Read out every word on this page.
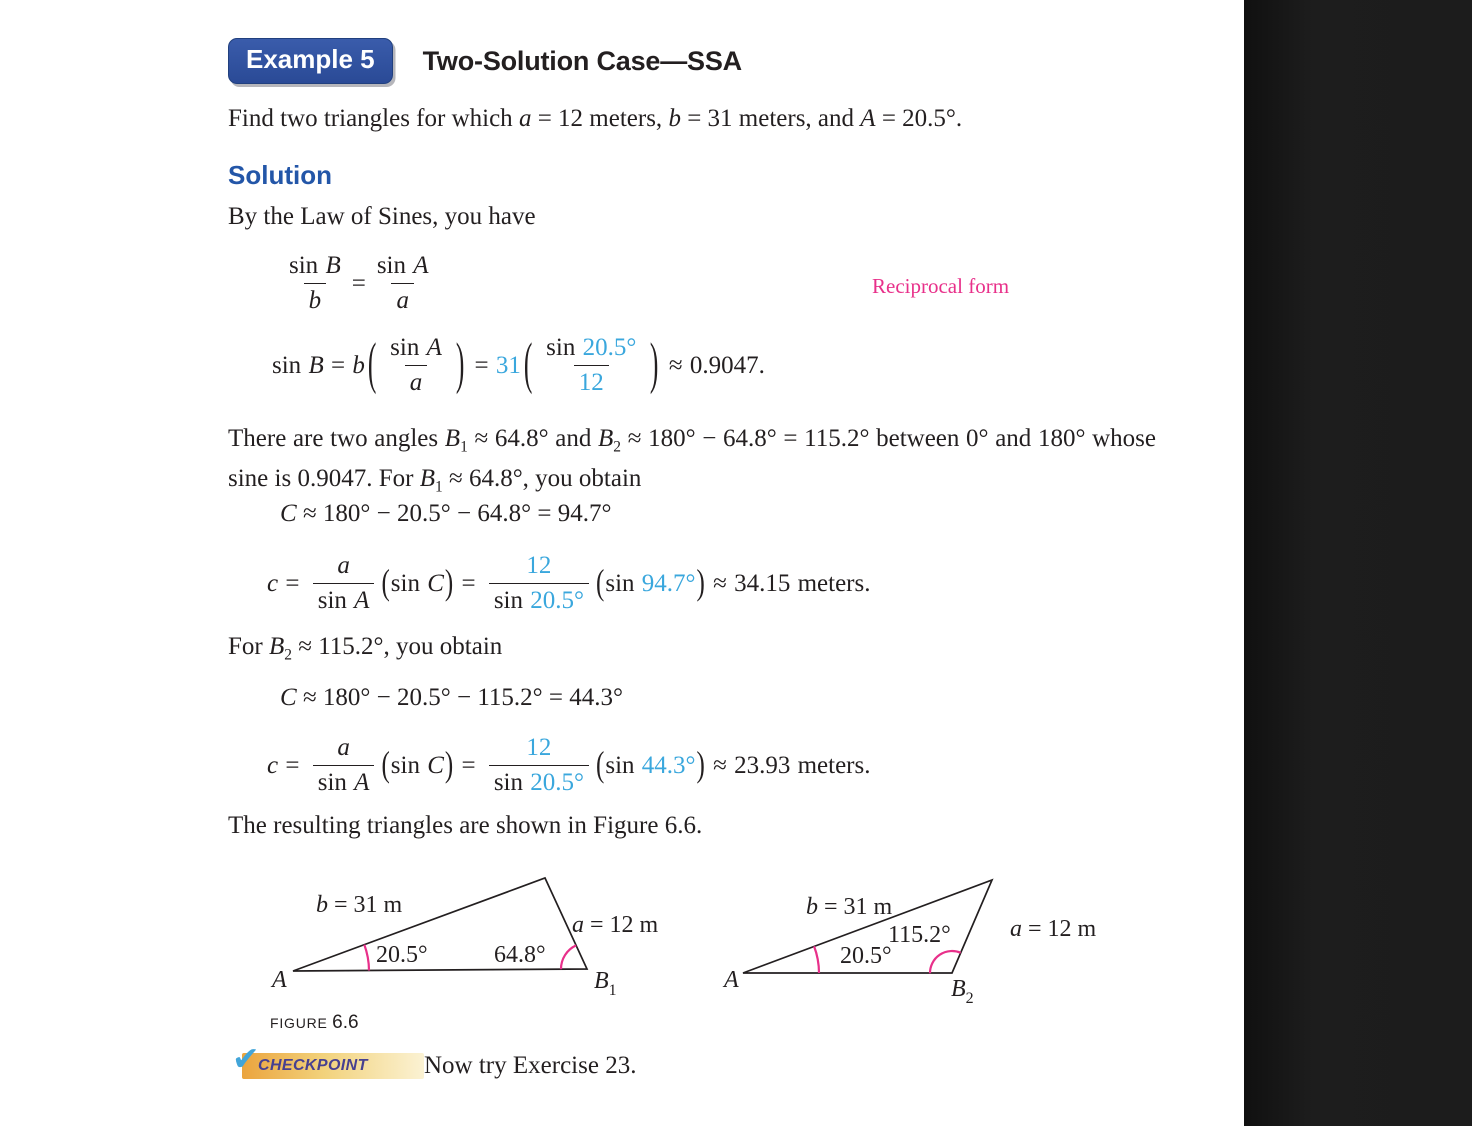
Example 5	Two-Solution Case—SSA
Find two triangles for which a = 12 meters, b = 31 meters, and A = 20.5°.
Solution
By the Law of Sines, you have
$\frac{\text{sin B}}{b} = \frac{\text{sin A}}{a}$	Reciprocal form
sin B = b ( $\frac{\text{sin A}}{a}$ ) = 31 ( $\frac{\sin 20.5^\circ}{12}$ ) ≈ 0.9047.
There are two angles $B_1 \approx 64.8^\circ$ and $B_2 \approx 180^\circ - 64.8^\circ = 115.2^\circ$ between 0° and 180° whose sine is 0.9047. For $B_1 \approx 64.8^\circ$, you obtain
C ≈ 180° − 20.5° − 64.8° = 94.7°
$c = \frac{a}{\text{sin A}} (\sin$ $C) = \frac{12}{\sin 20.5^\circ} (\sin$ 94.7°) ≈ 34.15 meters.
For $B_2 \approx 115.2^\circ$, you obtain
C ≈ 180° − 20.5° − 115.2° = 44.3°
$c = \frac{a}{\text{sin A}} (\sin$ $C) = \frac{12}{\sin 20.5^\circ} (\sin$ 44.3°) ≈ 23.93 meters.
The resulting triangles are shown in Figure 6.6.
b = 31 m
a = 12 m
20.5°	64.8°
A	$B_1$
b = 31 m
a = 12 m
20.5°
115.2°
A	$B_2$
FIGURE 6.6
✔
CHECKPOINT Now try Exercise 23.
